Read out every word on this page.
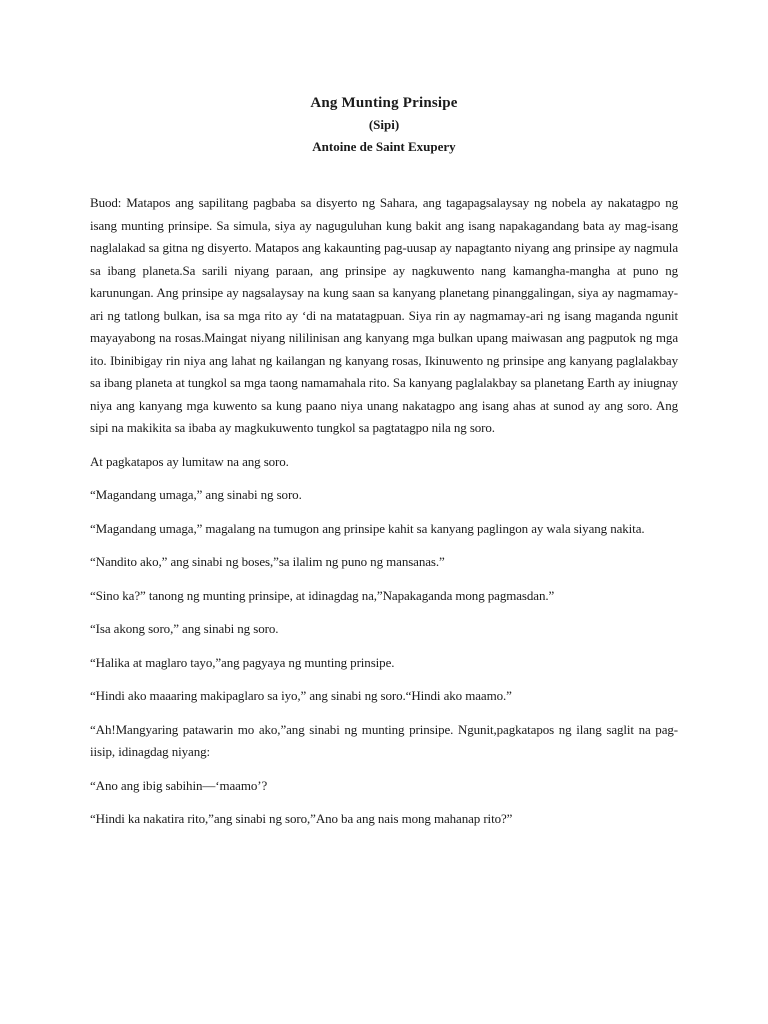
Ang Munting Prinsipe

(Sipi)

Antoine de Saint Exupery

Buod: Matapos ang sapilitang pagbaba sa disyerto ng Sahara, ang tagapagsalaysay ng nobela ay nakatagpo ng isang munting prinsipe. Sa simula, siya ay naguguluhan kung bakit ang isang napakagandang bata ay mag-isang naglalakad sa gitna ng disyerto. Matapos ang kakaunting pag-uusap ay napagtanto niyang ang prinsipe ay nagmula sa ibang planeta.Sa sarili niyang paraan, ang prinsipe ay nagkuwento nang kamangha-mangha at puno ng karunungan. Ang prinsipe ay nagsalaysay na kung saan sa kanyang planetang pinanggalingan, siya ay nagmamay-ari ng tatlong bulkan, isa sa mga rito ay ‘di na matatagpuan. Siya rin ay nagmamay-ari ng isang maganda ngunit mayayabong na rosas.Maingat niyang nililinisan ang kanyang mga bulkan upang maiwasan ang pagputok ng mga ito. Ibinibigay rin niya ang lahat ng kailangan ng kanyang rosas, Ikinuwento ng prinsipe ang kanyang paglalakbay sa ibang planeta at tungkol sa mga taong namamahala rito. Sa kanyang paglalakbay sa planetang Earth ay iniugnay niya ang kanyang mga kuwento sa kung paano niya unang nakatagpo ang isang ahas at sunod ay ang soro. Ang sipi na makikita sa ibaba ay magkukuwento tungkol sa pagtatagpo nila ng soro.

At pagkatapos ay lumitaw na ang soro.

“Magandang umaga,” ang sinabi ng soro.

“Magandang umaga,” magalang na tumugon ang prinsipe kahit sa kanyang paglingon ay wala siyang nakita.

“Nandito ako,” ang sinabi ng boses,”sa ilalim ng puno ng mansanas.”

“Sino ka?” tanong ng munting prinsipe, at idinagdag na,”Napakaganda mong pagmasdan.”

“Isa akong soro,” ang sinabi ng soro.

“Halika at maglaro tayo,”ang pagyaya ng munting prinsipe.

“Hindi ako maaaring makipaglaro sa iyo,” ang sinabi ng soro.“Hindi ako maamo.”

“Ah!Mangyaring patawarin mo ako,”ang sinabi ng munting prinsipe. Ngunit,pagkatapos ng ilang saglit na pag-iisip, idinagdag niyang:

“Ano ang ibig sabihin—‘maamo’?

“Hindi ka nakatira rito,”ang sinabi ng soro,”Ano ba ang nais mong mahanap rito?”
